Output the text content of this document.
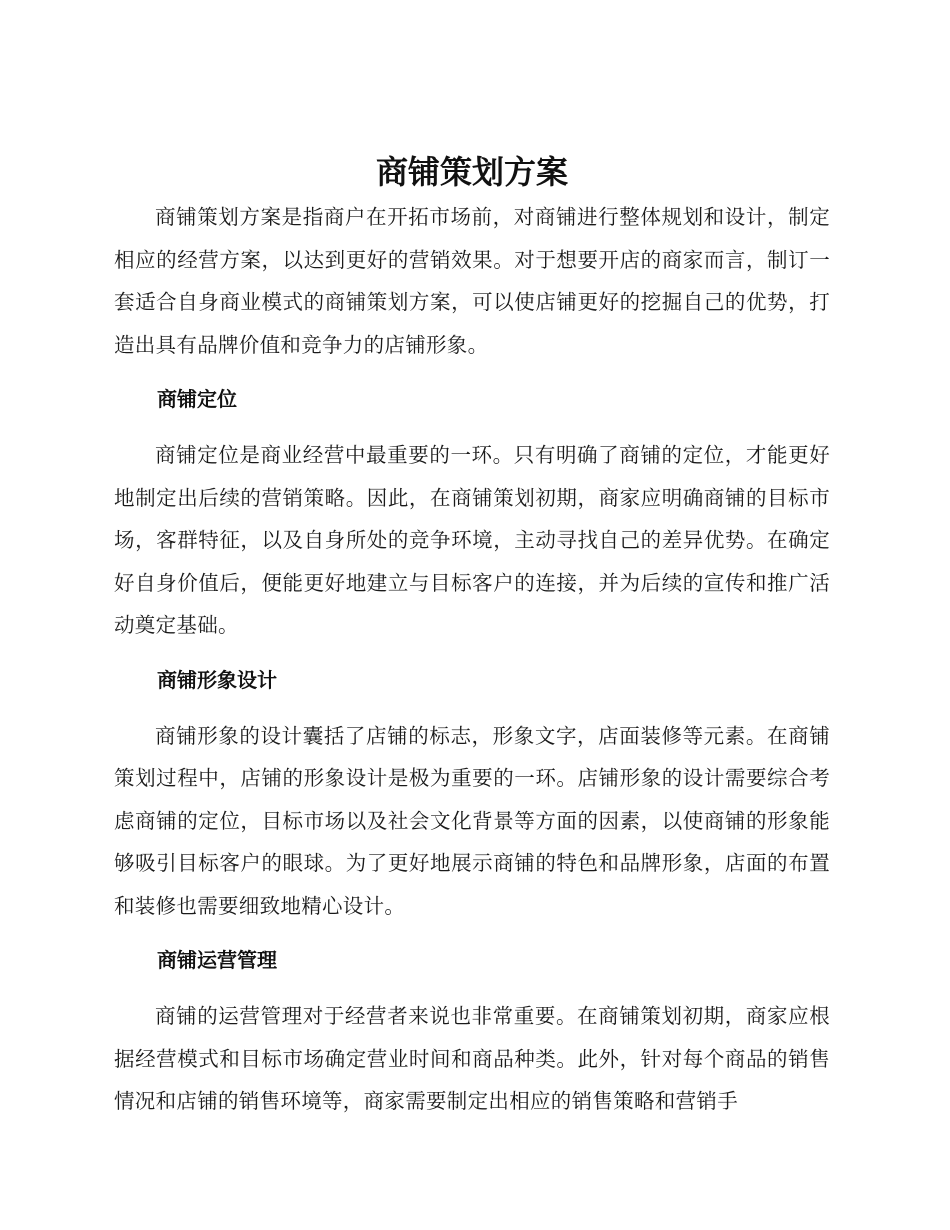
商铺策划方案

商铺策划方案是指商户在开拓市场前，对商铺进行整体规划和设计，制定相应的经营方案，以达到更好的营销效果。对于想要开店的商家而言，制订一套适合自身商业模式的商铺策划方案，可以使店铺更好的挖掘自己的优势，打造出具有品牌价值和竞争力的店铺形象。

商铺定位

商铺定位是商业经营中最重要的一环。只有明确了商铺的定位，才能更好地制定出后续的营销策略。因此，在商铺策划初期，商家应明确商铺的目标市场，客群特征，以及自身所处的竞争环境，主动寻找自己的差异优势。在确定好自身价值后，便能更好地建立与目标客户的连接，并为后续的宣传和推广活动奠定基础。

商铺形象设计

商铺形象的设计囊括了店铺的标志，形象文字，店面装修等元素。在商铺策划过程中，店铺的形象设计是极为重要的一环。店铺形象的设计需要综合考虑商铺的定位，目标市场以及社会文化背景等方面的因素，以使商铺的形象能够吸引目标客户的眼球。为了更好地展示商铺的特色和品牌形象，店面的布置和装修也需要细致地精心设计。

商铺运营管理

商铺的运营管理对于经营者来说也非常重要。在商铺策划初期，商家应根据经营模式和目标市场确定营业时间和商品种类。此外，针对每个商品的销售情况和店铺的销售环境等，商家需要制定出相应的销售策略和营销手
